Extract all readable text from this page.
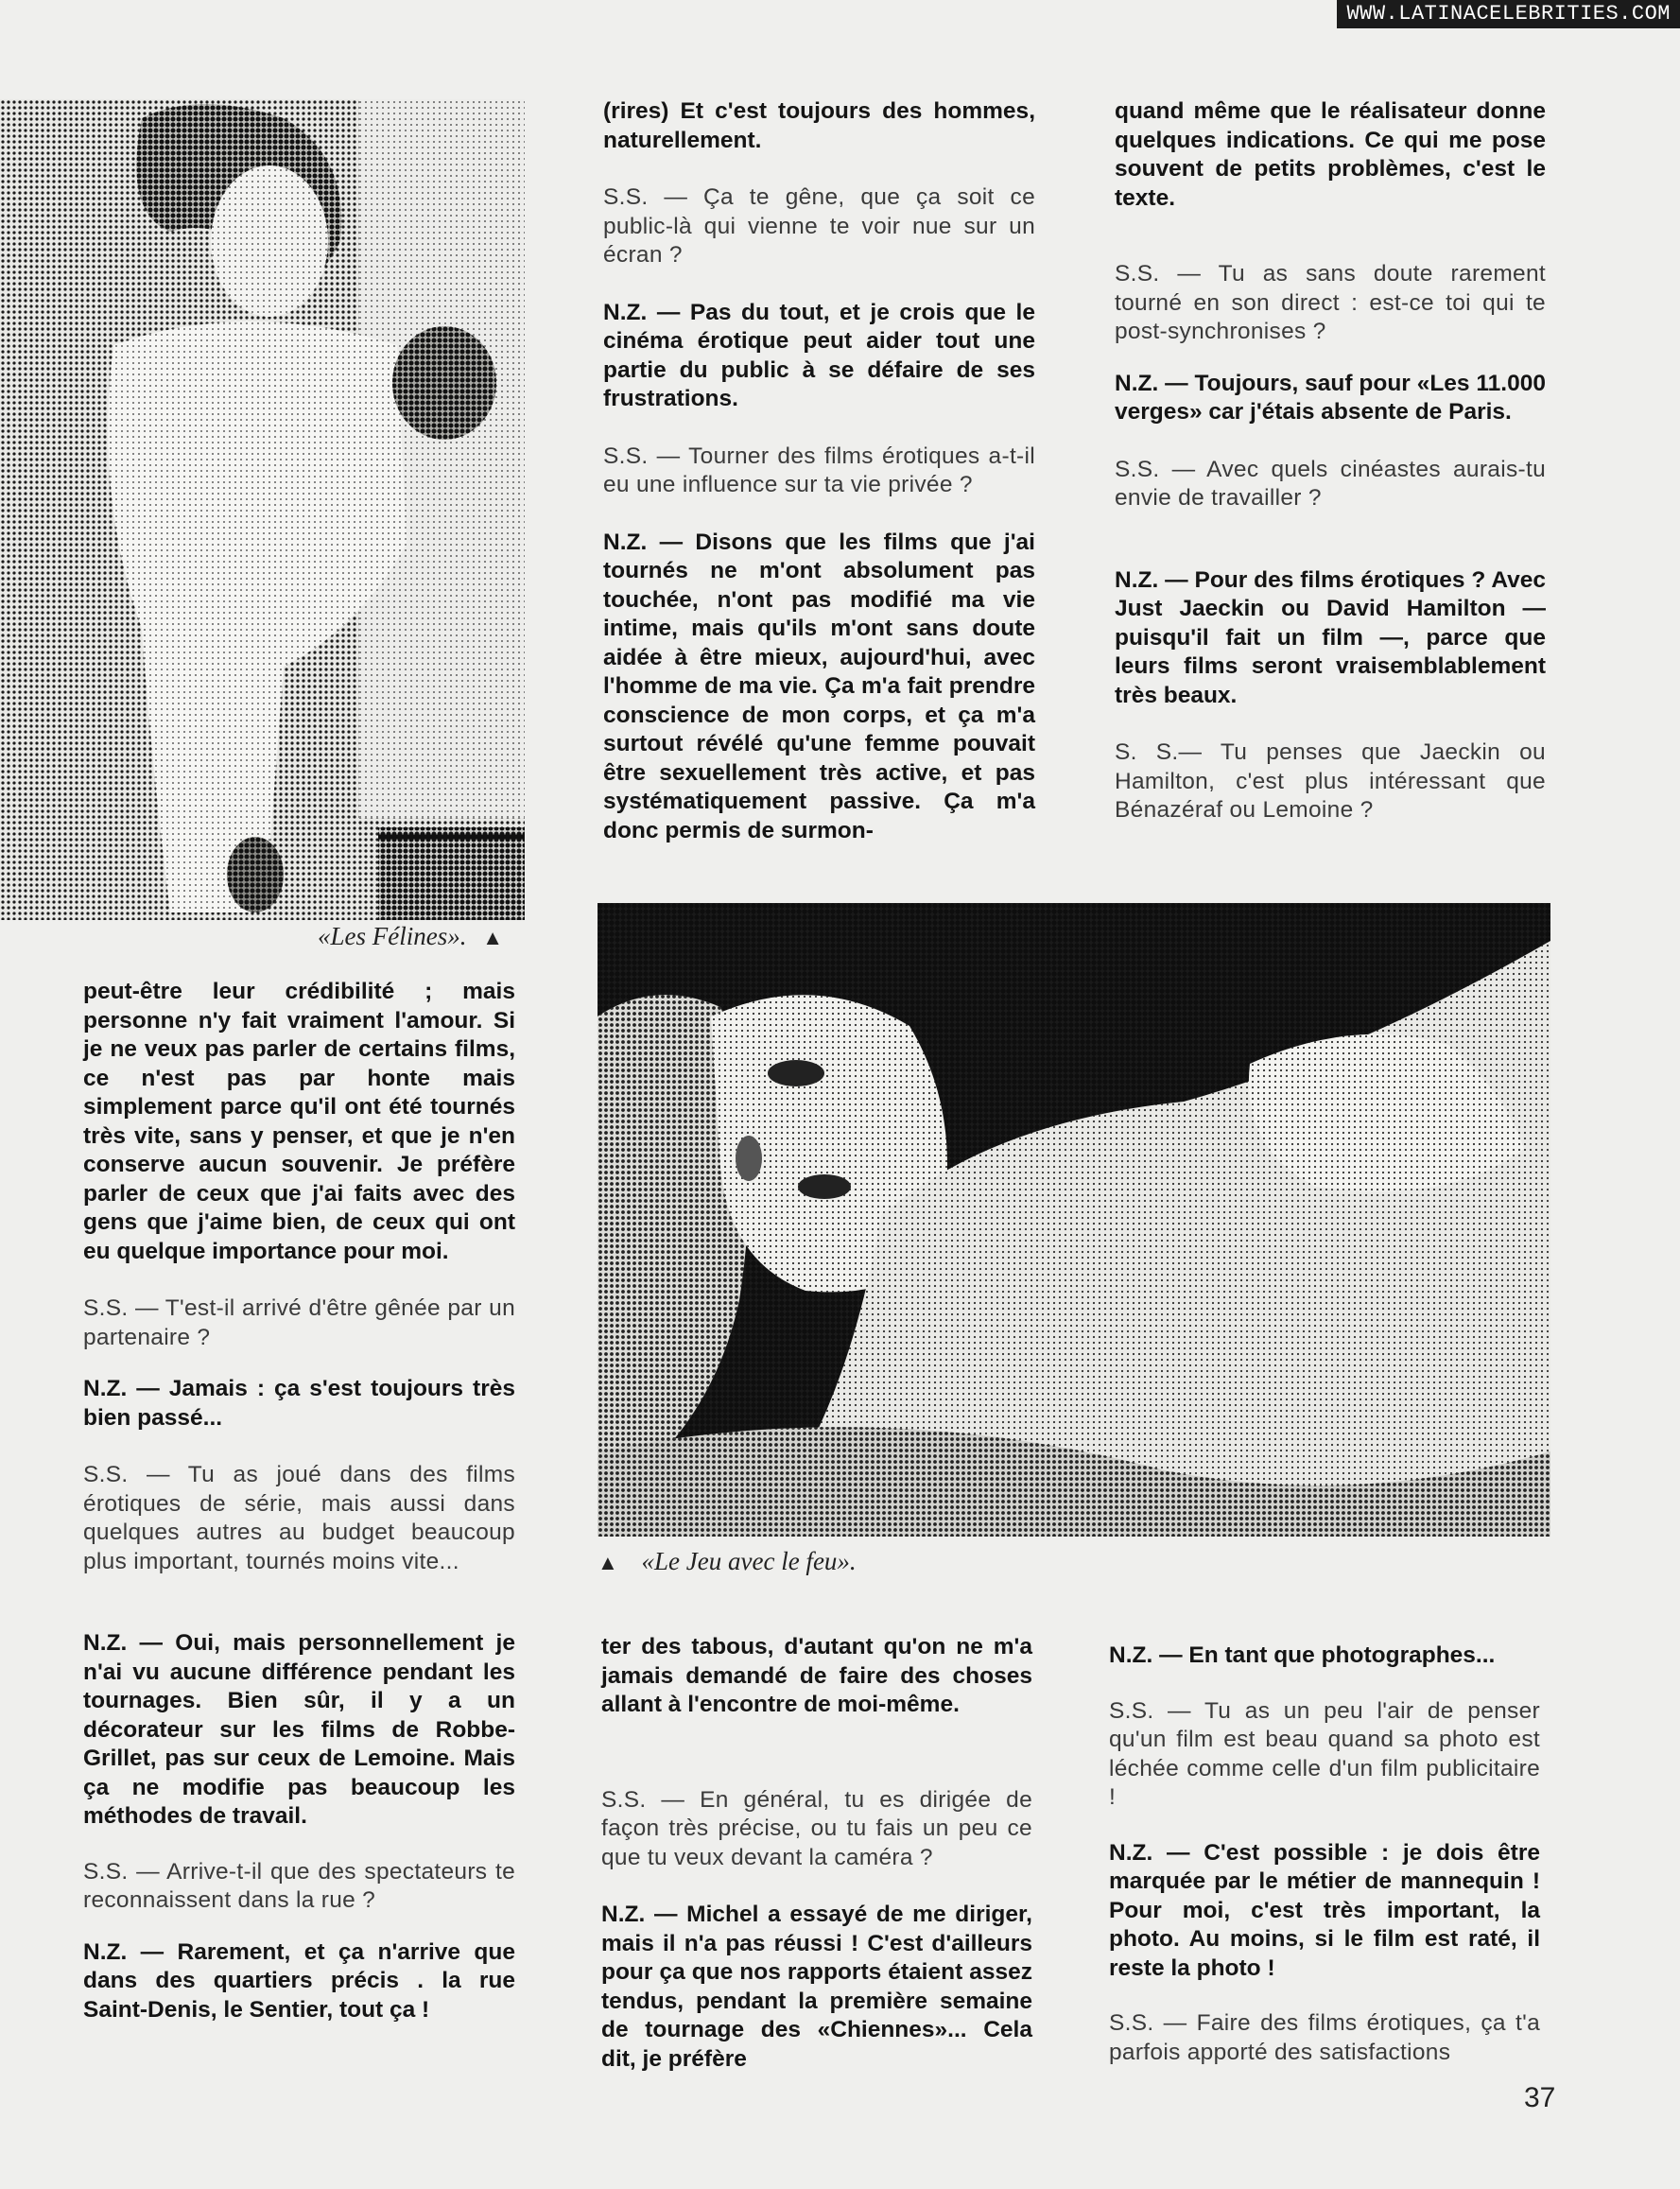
WWW.LATINACELEBRITIES.COM
«Les Félines». ▲
▲ «Le Jeu avec le feu».

(rires) Et c'est toujours des hommes, naturellement.

S.S. — Ça te gêne, que ça soit ce public-là qui vienne te voir nue sur un écran ?

N.Z. — Pas du tout, et je crois que le cinéma érotique peut aider tout une partie du public à se défaire de ses frustrations.

S.S. — Tourner des films érotiques a-t-il eu une influence sur ta vie privée ?

N.Z. — Disons que les films que j'ai tournés ne m'ont absolument pas touchée, n'ont pas modifié ma vie intime, mais qu'ils m'ont sans doute aidée à être mieux, aujourd'hui, avec l'homme de ma vie. Ça m'a fait prendre conscience de mon corps, et ça m'a surtout révélé qu'une femme pouvait être sexuellement très active, et pas systématiquement passive. Ça m'a donc permis de surmon-

quand même que le réalisateur donne quelques indications. Ce qui me pose souvent de petits problèmes, c'est le texte.

S.S. — Tu as sans doute rarement tourné en son direct : est-ce toi qui te post-synchronises ?

N.Z. — Toujours, sauf pour «Les 11.000 verges» car j'étais absente de Paris.

S.S. — Avec quels cinéastes aurais-tu envie de travailler ?

N.Z. — Pour des films érotiques ? Avec Just Jaeckin ou David Hamilton — puisqu'il fait un film —, parce que leurs films seront vraisemblablement très beaux.

S. S.— Tu penses que Jaeckin ou Hamilton, c'est plus intéressant que Bénazéraf ou Lemoine ?

peut-être leur crédibilité ; mais personne n'y fait vraiment l'amour. Si je ne veux pas parler de certains films, ce n'est pas par honte mais simplement parce qu'il ont été tournés très vite, sans y penser, et que je n'en conserve aucun souvenir. Je préfère parler de ceux que j'ai faits avec des gens que j'aime bien, de ceux qui ont eu quelque importance pour moi.

S.S. — T'est-il arrivé d'être gênée par un partenaire ?

N.Z. — Jamais : ça s'est toujours très bien passé...

S.S. — Tu as joué dans des films érotiques de série, mais aussi dans quelques autres au budget beaucoup plus important, tournés moins vite...

N.Z. — Oui, mais personnellement je n'ai vu aucune différence pendant les tournages. Bien sûr, il y a un décorateur sur les films de Robbe-Grillet, pas sur ceux de Lemoine. Mais ça ne modifie pas beaucoup les méthodes de travail.

S.S. — Arrive-t-il que des spectateurs te reconnaissent dans la rue ?

N.Z. — Rarement, et ça n'arrive que dans des quartiers précis . la rue Saint-Denis, le Sentier, tout ça !

ter des tabous, d'autant qu'on ne m'a jamais demandé de faire des choses allant à l'encontre de moi-même.

S.S. — En général, tu es dirigée de façon très précise, ou tu fais un peu ce que tu veux devant la caméra ?

N.Z. — Michel a essayé de me diriger, mais il n'a pas réussi ! C'est d'ailleurs pour ça que nos rapports étaient assez tendus, pendant la première semaine de tournage des «Chiennes»... Cela dit, je préfère

N.Z. — En tant que photographes...

S.S. — Tu as un peu l'air de penser qu'un film est beau quand sa photo est léchée comme celle d'un film publicitaire !

N.Z. — C'est possible : je dois être marquée par le métier de mannequin ! Pour moi, c'est très important, la photo. Au moins, si le film est raté, il reste la photo !

S.S. — Faire des films érotiques, ça t'a parfois apporté des satisfactions

37
